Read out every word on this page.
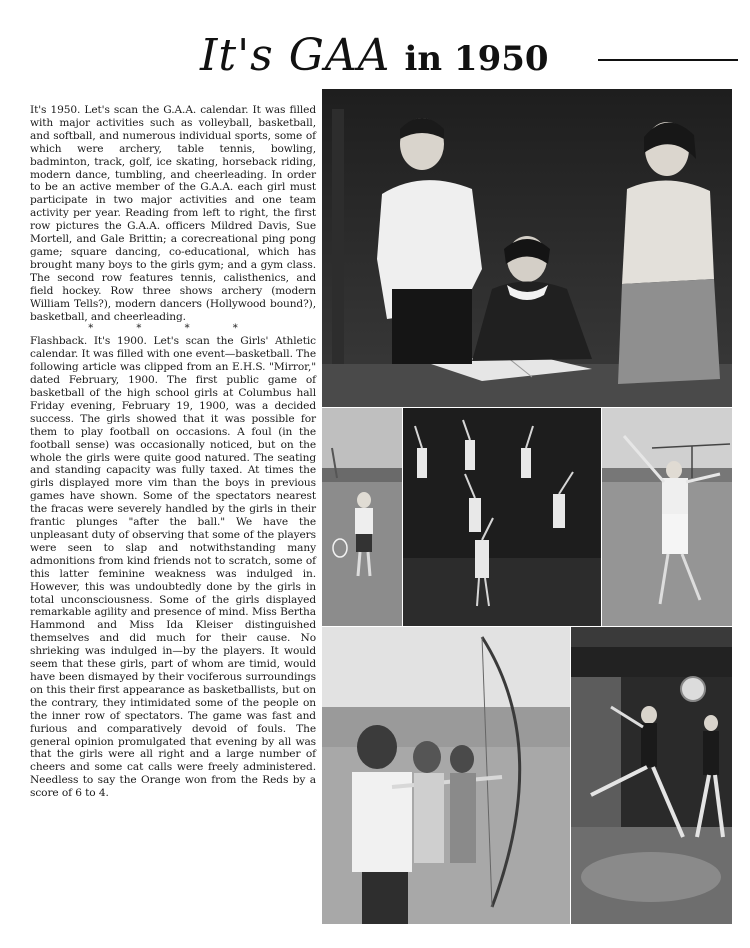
It's GAA in 1950

It's 1950. Let's scan the G.A.A. calendar. It was filled with major activities such as volleyball, basketball, and softball, and numerous individual sports, some of which were archery, table tennis, bowling, badminton, track, golf, ice skating, horseback riding, modern dance, tumbling, and cheerleading. In order to be an active member of the G.A.A. each girl must participate in two major activities and one team activity per year. Reading from left to right, the first row pictures the G.A.A. officers Mildred Davis, Sue Mortell, and Gale Brittin; a corecreational ping pong game; square dancing, co-educational, which has brought many boys to the girls gym; and a gym class. The second row features tennis, calisthenics, and field hockey. Row three shows archery (modern William Tells?), modern dancers (Hollywood bound?), basketball, and cheerleading.

* * * *

Flashback. It's 1900. Let's scan the Girls' Athletic calendar. It was filled with one event—basketball. The following article was clipped from an E.H.S. "Mirror," dated February, 1900. The first public game of basketball of the high school girls at Columbus hall Friday evening, February 19, 1900, was a decided success. The girls showed that it was possible for them to play football on occasions. A foul (in the football sense) was occasionally noticed, but on the whole the girls were quite good natured. The seating and standing capacity was fully taxed. At times the girls displayed more vim than the boys in previous games have shown. Some of the spectators nearest the fracas were severely handled by the girls in their frantic plunges "after the ball." We have the unpleasant duty of observing that some of the players were seen to slap and notwithstanding many admonitions from kind friends not to scratch, some of this latter feminine weakness was indulged in. However, this was undoubtedly done by the girls in total unconsciousness. Some of the girls displayed remarkable agility and presence of mind. Miss Bertha Hammond and Miss Ida Kleiser distinguished themselves and did much for their cause. No shrieking was indulged in—by the players. It would seem that these girls, part of whom are timid, would have been dismayed by their vociferous surroundings on this their first appearance as basketballists, but on the contrary, they intimidated some of the people on the inner row of spectators. The game was fast and furious and comparatively devoid of fouls. The general opinion promulgated that evening by all was that the girls were all right and a large number of cheers and some cat calls were freely administered. Needless to say the Orange won from the Reds by a score of 6 to 4.
